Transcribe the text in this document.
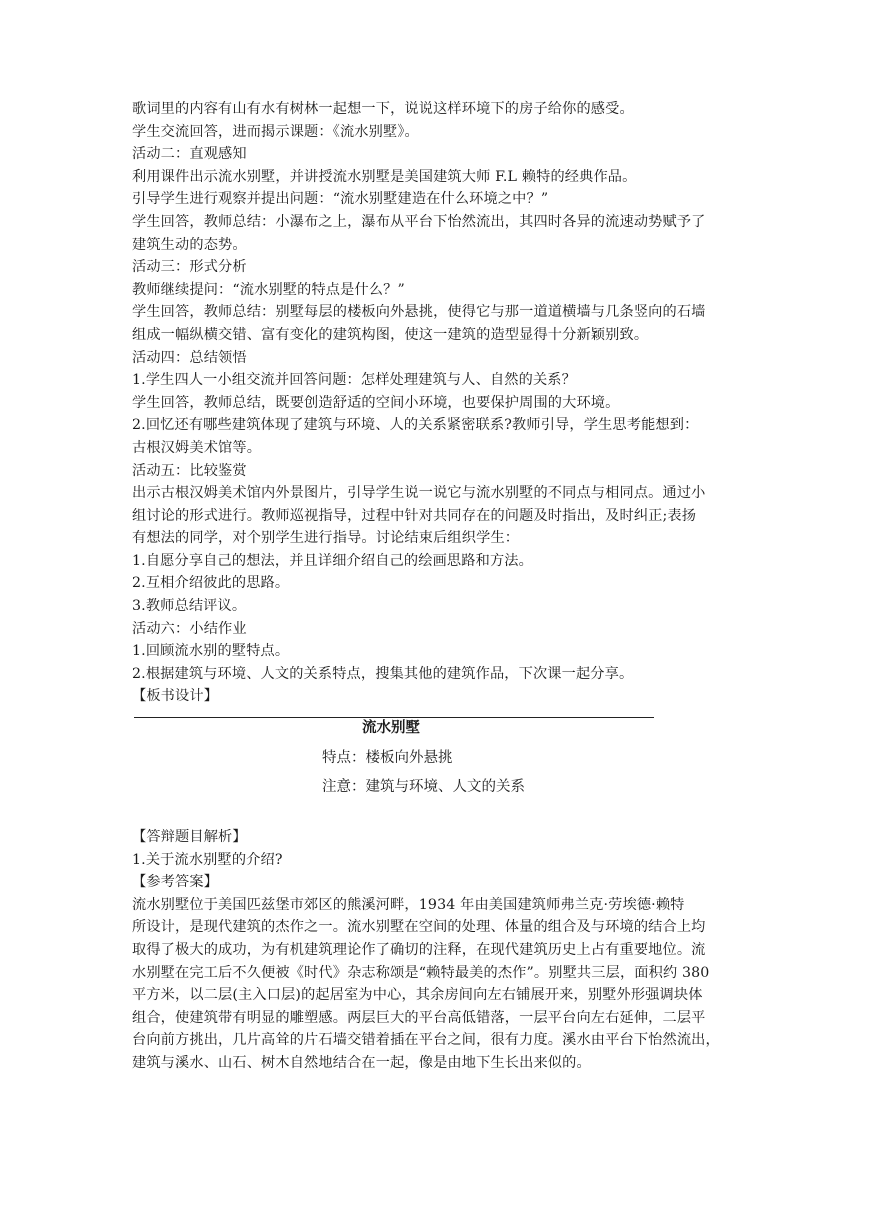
歌词里的内容有山有水有树林一起想一下，说说这样环境下的房子给你的感受。
学生交流回答，进而揭示课题：《流水别墅》。
活动二：直观感知
利用课件出示流水别墅，并讲授流水别墅是美国建筑大师 F.L 赖特的经典作品。
引导学生进行观察并提出问题：“流水别墅建造在什么环境之中？”
学生回答，教师总结：小瀑布之上，瀑布从平台下怡然流出，其四时各异的流速动势赋予了
建筑生动的态势。
活动三：形式分析
教师继续提问：“流水别墅的特点是什么？”
学生回答，教师总结：别墅每层的楼板向外悬挑，使得它与那一道道横墙与几条竖向的石墙
组成一幅纵横交错、富有变化的建筑构图，使这一建筑的造型显得十分新颖别致。
活动四：总结领悟
1.学生四人一小组交流并回答问题：怎样处理建筑与人、自然的关系？
学生回答，教师总结，既要创造舒适的空间小环境，也要保护周围的大环境。
2.回忆还有哪些建筑体现了建筑与环境、人的关系紧密联系?教师引导，学生思考能想到：
古根汉姆美术馆等。
活动五：比较鉴赏
出示古根汉姆美术馆内外景图片，引导学生说一说它与流水别墅的不同点与相同点。通过小
组讨论的形式进行。教师巡视指导，过程中针对共同存在的问题及时指出，及时纠正;表扬
有想法的同学，对个别学生进行指导。讨论结束后组织学生：
1.自愿分享自己的想法，并且详细介绍自己的绘画思路和方法。
2.互相介绍彼此的思路。
3.教师总结评议。
活动六：小结作业
1.回顾流水别的墅特点。
2.根据建筑与环境、人文的关系特点，搜集其他的建筑作品，下次课一起分享。
【板书设计】
流水别墅
特点：楼板向外悬挑
注意：建筑与环境、人文的关系
【答辩题目解析】
1.关于流水别墅的介绍?
【参考答案】
流水别墅位于美国匹兹堡市郊区的熊溪河畔，1934 年由美国建筑师弗兰克·劳埃德·赖特
所设计，是现代建筑的杰作之一。流水别墅在空间的处理、体量的组合及与环境的结合上均
取得了极大的成功，为有机建筑理论作了确切的注释，在现代建筑历史上占有重要地位。流
水别墅在完工后不久便被《时代》杂志称颂是“赖特最美的杰作”。别墅共三层，面积约 380
平方米，以二层(主入口层)的起居室为中心，其余房间向左右铺展开来，别墅外形强调块体
组合，使建筑带有明显的雕塑感。两层巨大的平台高低错落，一层平台向左右延伸，二层平
台向前方挑出，几片高耸的片石墙交错着插在平台之间，很有力度。溪水由平台下怡然流出，
建筑与溪水、山石、树木自然地结合在一起，像是由地下生长出来似的。
